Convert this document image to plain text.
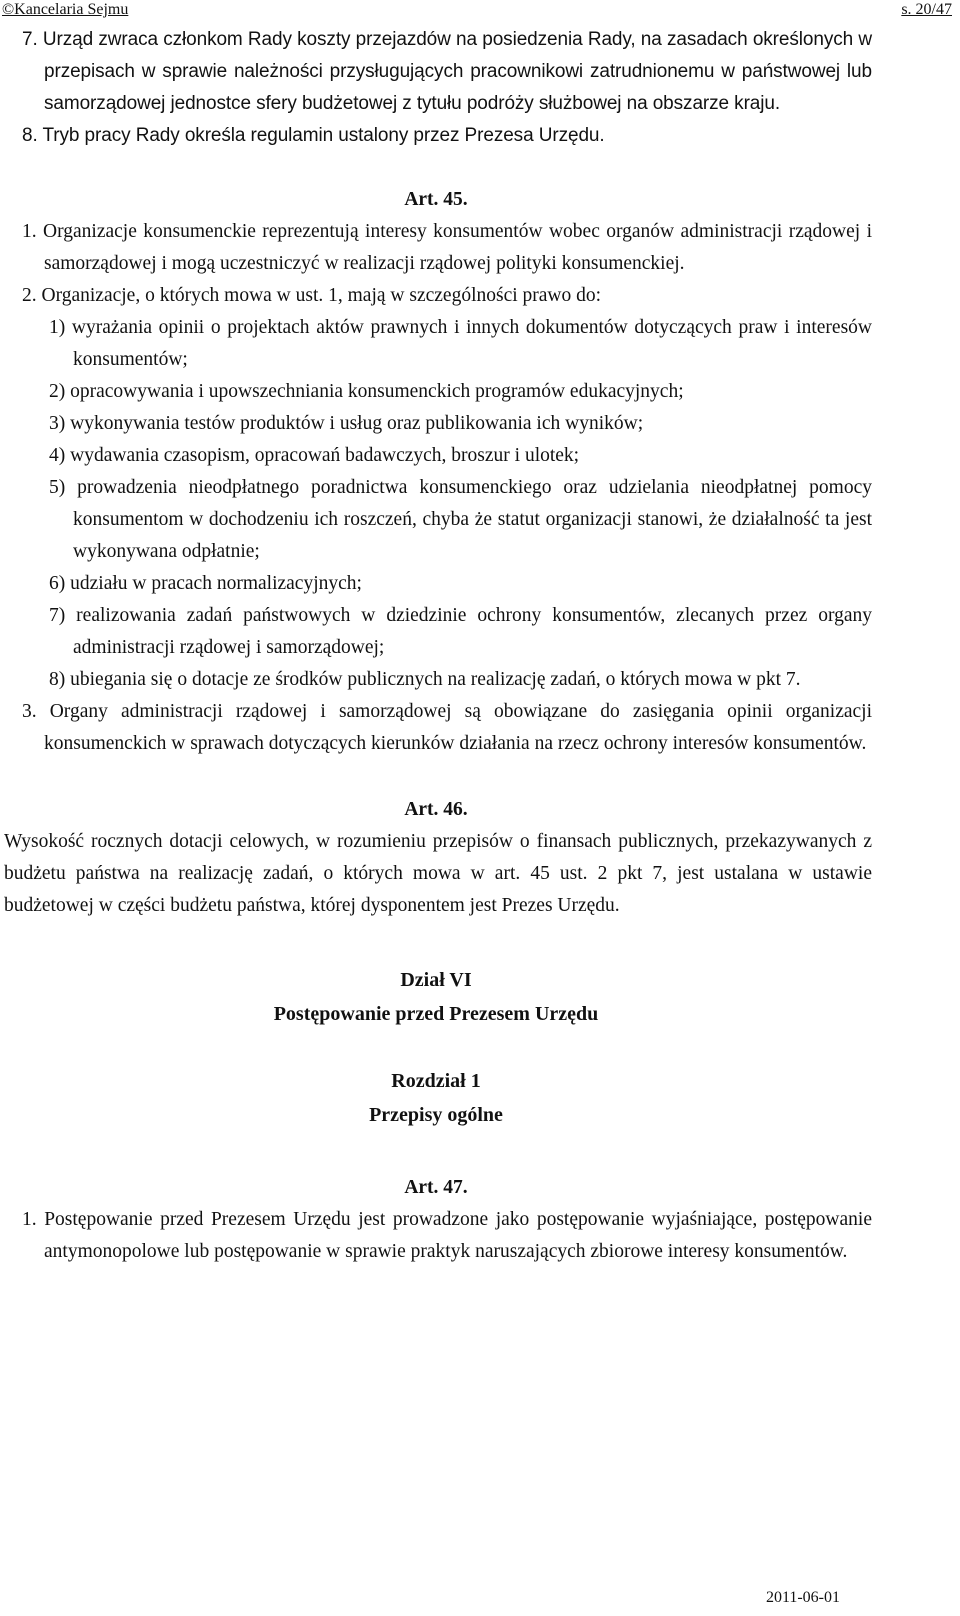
©Kancelaria Sejmu	s. 20/47

7. Urząd zwraca członkom Rady koszty przejazdów na posiedzenia Rady, na zasadach określonych w przepisach w sprawie należności przysługujących pracownikowi zatrudnionemu w państwowej lub samorządowej jednostce sfery budżetowej z tytułu podróży służbowej na obszarze kraju.

8. Tryb pracy Rady określa regulamin ustalony przez Prezesa Urzędu.

Art. 45.

1. Organizacje konsumenckie reprezentują interesy konsumentów wobec organów administracji rządowej i samorządowej i mogą uczestniczyć w realizacji rządowej polityki konsumenckiej.

2. Organizacje, o których mowa w ust. 1, mają w szczególności prawo do:

1) wyrażania opinii o projektach aktów prawnych i innych dokumentów dotyczących praw i interesów konsumentów;

2) opracowywania i upowszechniania konsumenckich programów edukacyjnych;

3) wykonywania testów produktów i usług oraz publikowania ich wyników;

4) wydawania czasopism, opracowań badawczych, broszur i ulotek;

5) prowadzenia nieodpłatnego poradnictwa konsumenckiego oraz udzielania nieodpłatnej pomocy konsumentom w dochodzeniu ich roszczeń, chyba że statut organizacji stanowi, że działalność ta jest wykonywana odpłatnie;

6) udziału w pracach normalizacyjnych;

7) realizowania zadań państwowych w dziedzinie ochrony konsumentów, zlecanych przez organy administracji rządowej i samorządowej;

8) ubiegania się o dotacje ze środków publicznych na realizację zadań, o których mowa w pkt 7.

3. Organy administracji rządowej i samorządowej są obowiązane do zasięgania opinii organizacji konsumenckich w sprawach dotyczących kierunków działania na rzecz ochrony interesów konsumentów.

Art. 46.

Wysokość rocznych dotacji celowych, w rozumieniu przepisów o finansach publicznych, przekazywanych z budżetu państwa na realizację zadań, o których mowa w art. 45 ust. 2 pkt 7, jest ustalana w ustawie budżetowej w części budżetu państwa, której dysponentem jest Prezes Urzędu.

Dział VI

Postępowanie przed Prezesem Urzędu

Rozdział 1

Przepisy ogólne

Art. 47.

1. Postępowanie przed Prezesem Urzędu jest prowadzone jako postępowanie wyjaśniające, postępowanie antymonopolowe lub postępowanie w sprawie praktyk naruszających zbiorowe interesy konsumentów.

2011-06-01
